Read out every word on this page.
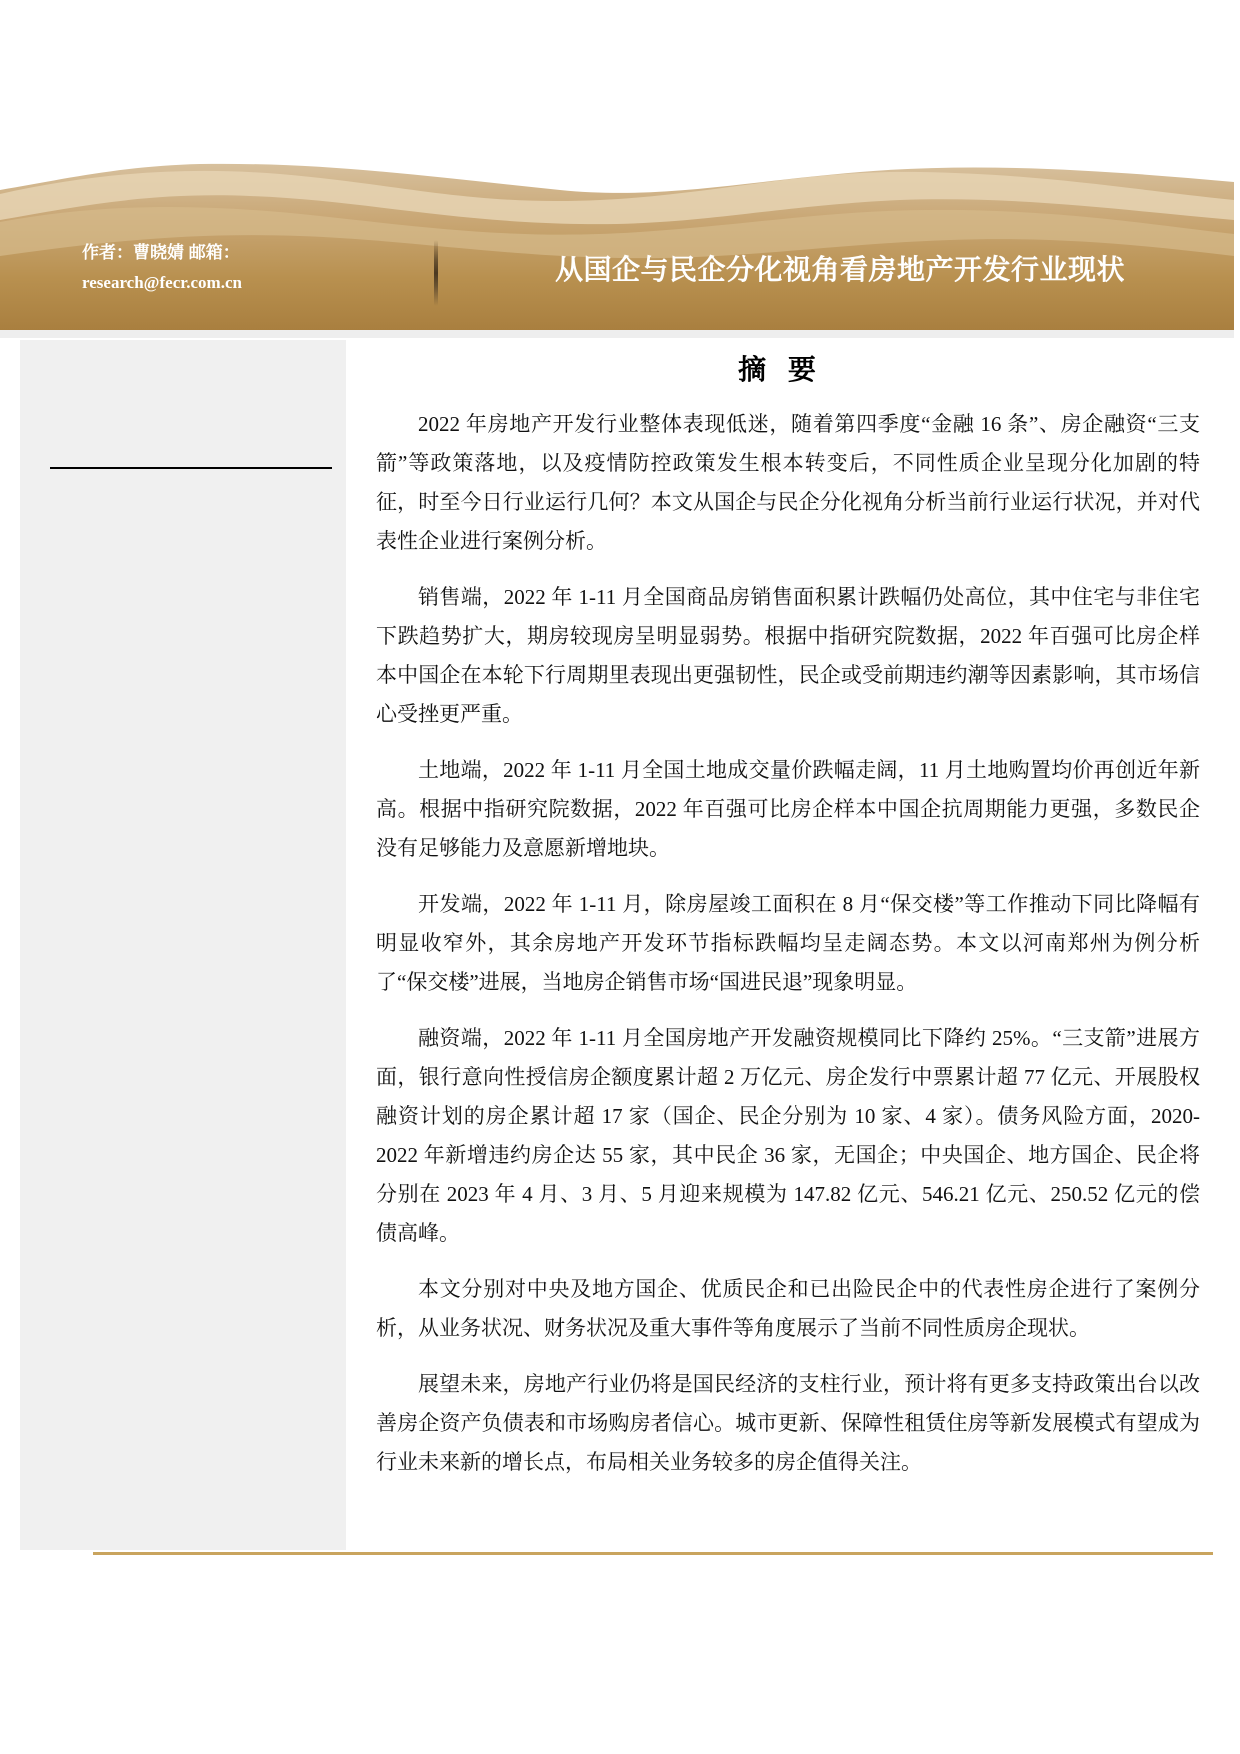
作者：曹晓婧 邮箱：
research@fecr.com.cn	从国企与民企分化视角看房地产开发行业现状
摘 要

2022 年房地产开发行业整体表现低迷，随着第四季度“金融 16 条”、房企融资“三支箭”等政策落地，以及疫情防控政策发生根本转变后，不同性质企业呈现分化加剧的特征，时至今日行业运行几何？本文从国企与民企分化视角分析当前行业运行状况，并对代表性企业进行案例分析。

销售端，2022 年 1-11 月全国商品房销售面积累计跌幅仍处高位，其中住宅与非住宅下跌趋势扩大，期房较现房呈明显弱势。根据中指研究院数据，2022 年百强可比房企样本中国企在本轮下行周期里表现出更强韧性，民企或受前期违约潮等因素影响，其市场信心受挫更严重。

土地端，2022 年 1-11 月全国土地成交量价跌幅走阔，11 月土地购置均价再创近年新高。根据中指研究院数据，2022 年百强可比房企样本中国企抗周期能力更强，多数民企没有足够能力及意愿新增地块。

开发端，2022 年 1-11 月，除房屋竣工面积在 8 月“保交楼”等工作推动下同比降幅有明显收窄外，其余房地产开发环节指标跌幅均呈走阔态势。本文以河南郑州为例分析了“保交楼”进展，当地房企销售市场“国进民退”现象明显。

融资端，2022 年 1-11 月全国房地产开发融资规模同比下降约 25%。“三支箭”进展方面，银行意向性授信房企额度累计超 2 万亿元、房企发行中票累计超 77 亿元、开展股权融资计划的房企累计超 17 家（国企、民企分别为 10 家、4 家）。债务风险方面，2020-2022 年新增违约房企达 55 家，其中民企 36 家，无国企；中央国企、地方国企、民企将分别在 2023 年 4 月、3 月、5 月迎来规模为 147.82 亿元、546.21 亿元、250.52 亿元的偿债高峰。

本文分别对中央及地方国企、优质民企和已出险民企中的代表性房企进行了案例分析，从业务状况、财务状况及重大事件等角度展示了当前不同性质房企现状。

展望未来，房地产行业仍将是国民经济的支柱行业，预计将有更多支持政策出台以改善房企资产负债表和市场购房者信心。城市更新、保障性租赁住房等新发展模式有望成为行业未来新的增长点，布局相关业务较多的房企值得关注。
